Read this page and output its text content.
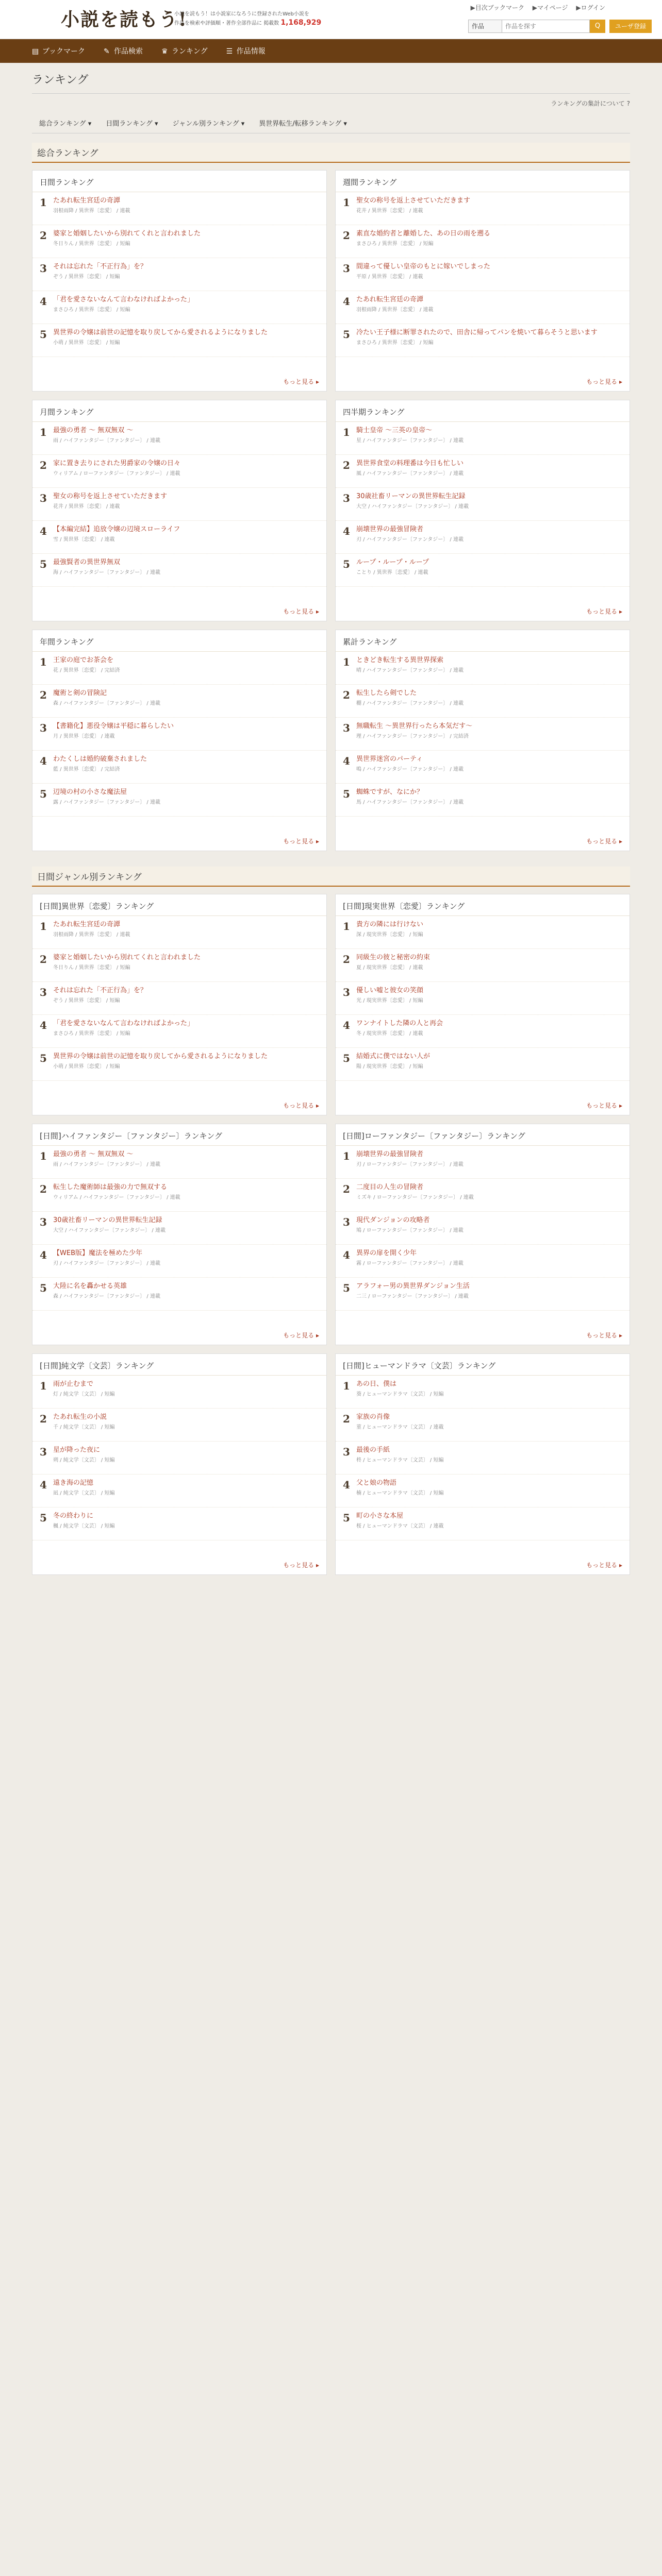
小説を読もう!
小説を読もう！は小説家になろうに登録されたWeb小説を
作品を検索や評価順・著作全部作品に 掲載数 1,168,929
▶目次ブックマーク ▶マイページ ▶ログイン
作品
作品を探す	Q	ユーザ登録
▤ ブックマーク	✎ 作品検索	♛ ランキング	☰ 作品情報
ランキング
ランキングの集計について ?
総合ランキング ▾	日間ランキング ▾	ジャンル別ランキング ▾	異世界転生/転移ランキング ▾
総合ランキング
日間ランキング
1 たあれ転生宮廷の奇譚
羽根雨降 / 異世界〔恋愛〕 / 連載
2 婆家と婚姻したいから別れてくれと言われました
冬日りん / 異世界〔恋愛〕 / 短編
3 それは忘れた「不正行為」を？
ぞう / 異世界〔恋愛〕 / 短編
4 「君を愛さないなんて言わなければよかった」
まさひろ / 異世界〔恋愛〕 / 短編
5 異世界の令嬢は前世の記憶を取り戻してから愛されるようになりました
小萌 / 異世界〔恋愛〕 / 短編
もっと見る ▸
週間ランキング
1 聖女の称号を返上させていただきます
花井 / 異世界〔恋愛〕 / 連載
2 素直な婚約者と離婚した、あの日の雨を遡る
まさひろ / 異世界〔恋愛〕 / 短編
3 間違って優しい皇帝のもとに嫁いでしまった
平原 / 異世界〔恋愛〕 / 連載
4 たあれ転生宮廷の奇譚
羽根雨降 / 異世界〔恋愛〕 / 連載
5 冷たい王子様に断罪されたので、田舎に帰ってパンを焼いて暮らそうと思います
まさひろ / 異世界〔恋愛〕 / 短編
もっと見る ▸
月間ランキング
1 最強の勇者 ～ 無双無双 ～
雨 / ハイファンタジー〔ファンタジー〕 / 連載
2 家に置き去りにされた男爵家の令嬢の日々
ウィリアム / ローファンタジー〔ファンタジー〕 / 連載
3 聖女の称号を返上させていただきます
花井 / 異世界〔恋愛〕 / 連載
4 【本編完結】追放令嬢の辺境スローライフ
雪 / 異世界〔恋愛〕 / 連載
5 最強賢者の異世界無双
海 / ハイファンタジー〔ファンタジー〕 / 連載
もっと見る ▸
四半期ランキング
1 騎士皇帝 ～三英の皇帝～
星 / ハイファンタジー〔ファンタジー〕 / 連載
2 異世界食堂の料理番は今日も忙しい
風 / ハイファンタジー〔ファンタジー〕 / 連載
3 30歳社畜リーマンの異世界転生記録
大空 / ハイファンタジー〔ファンタジー〕 / 連載
4 崩壊世界の最強冒険者
刃 / ハイファンタジー〔ファンタジー〕 / 連載
5 ループ・ループ・ループ
ことり / 異世界〔恋愛〕 / 連載
もっと見る ▸
年間ランキング
1 王家の庭でお茶会を
花 / 異世界〔恋愛〕 / 完結済
2 魔術と剣の冒険記
森 / ハイファンタジー〔ファンタジー〕 / 連載
3 【書籍化】悪役令嬢は平穏に暮らしたい
月 / 異世界〔恋愛〕 / 連載
4 わたくしは婚約破棄されました
藍 / 異世界〔恋愛〕 / 完結済
5 辺境の村の小さな魔法屋
露 / ハイファンタジー〔ファンタジー〕 / 連載
もっと見る ▸
累計ランキング
1 ときどき転生する異世界探索
晴 / ハイファンタジー〔ファンタジー〕 / 連載
2 転生したら剣でした
棚 / ハイファンタジー〔ファンタジー〕 / 連載
3 無職転生 ～異世界行ったら本気だす～
理 / ハイファンタジー〔ファンタジー〕 / 完結済
4 異世界迷宮のパーティ
鳴 / ハイファンタジー〔ファンタジー〕 / 連載
5 蜘蛛ですが、なにか？
馬 / ハイファンタジー〔ファンタジー〕 / 連載
もっと見る ▸
日間ジャンル別ランキング
[日間]異世界〔恋愛〕ランキング
1 たあれ転生宮廷の奇譚
羽根雨降 / 異世界〔恋愛〕 / 連載
2 婆家と婚姻したいから別れてくれと言われました
冬日りん / 異世界〔恋愛〕 / 短編
3 それは忘れた「不正行為」を？
ぞう / 異世界〔恋愛〕 / 短編
4 「君を愛さないなんて言わなければよかった」
まさひろ / 異世界〔恋愛〕 / 短編
5 異世界の令嬢は前世の記憶を取り戻してから愛されるようになりました
小萌 / 異世界〔恋愛〕 / 短編
もっと見る ▸
[日間]現実世界〔恋愛〕ランキング
1 貴方の隣には行けない
深 / 現実世界〔恋愛〕 / 短編
2 同級生の彼と秘密の約束
夏 / 現実世界〔恋愛〕 / 連載
3 優しい嘘と彼女の笑顔
光 / 現実世界〔恋愛〕 / 短編
4 ワンナイトした隣の人と再会
冬 / 現実世界〔恋愛〕 / 連載
5 結婚式に僕ではない人が
陽 / 現実世界〔恋愛〕 / 短編
もっと見る ▸
[日間]ハイファンタジー〔ファンタジー〕ランキング
1 最強の勇者 ～ 無双無双 ～
雨 / ハイファンタジー〔ファンタジー〕 / 連載
2 転生した魔術師は最強の力で無双する
ウィリアム / ハイファンタジー〔ファンタジー〕 / 連載
3 30歳社畜リーマンの異世界転生記録
大空 / ハイファンタジー〔ファンタジー〕 / 連載
4 【WEB版】魔法を極めた少年
刃 / ハイファンタジー〔ファンタジー〕 / 連載
5 大陸に名を轟かせる英雄
森 / ハイファンタジー〔ファンタジー〕 / 連載
もっと見る ▸
[日間]ローファンタジー〔ファンタジー〕ランキング
1 崩壊世界の最強冒険者
刃 / ローファンタジー〔ファンタジー〕 / 連載
2 二度目の人生の冒険者
ミズキ / ローファンタジー〔ファンタジー〕 / 連載
3 現代ダンジョンの攻略者
鳩 / ローファンタジー〔ファンタジー〕 / 連載
4 異界の扉を開く少年
霧 / ローファンタジー〔ファンタジー〕 / 連載
5 アラフォー男の異世界ダンジョン生活
二三 / ローファンタジー〔ファンタジー〕 / 連載
もっと見る ▸
[日間]純文学〔文芸〕ランキング
1 雨が止むまで
灯 / 純文学〔文芸〕 / 短編
2 たあれ転生の小説
千 / 純文学〔文芸〕 / 短編
3 星が降った夜に
朔 / 純文学〔文芸〕 / 短編
4 遠き海の記憶
凪 / 純文学〔文芸〕 / 短編
5 冬の終わりに
楓 / 純文学〔文芸〕 / 短編
もっと見る ▸
[日間]ヒューマンドラマ〔文芸〕ランキング
1 あの日、僕は
葵 / ヒューマンドラマ〔文芸〕 / 短編
2 家族の肖像
菫 / ヒューマンドラマ〔文芸〕 / 連載
3 最後の手紙
柊 / ヒューマンドラマ〔文芸〕 / 短編
4 父と娘の物語
楠 / ヒューマンドラマ〔文芸〕 / 短編
5 町の小さな本屋
桜 / ヒューマンドラマ〔文芸〕 / 連載
もっと見る ▸
